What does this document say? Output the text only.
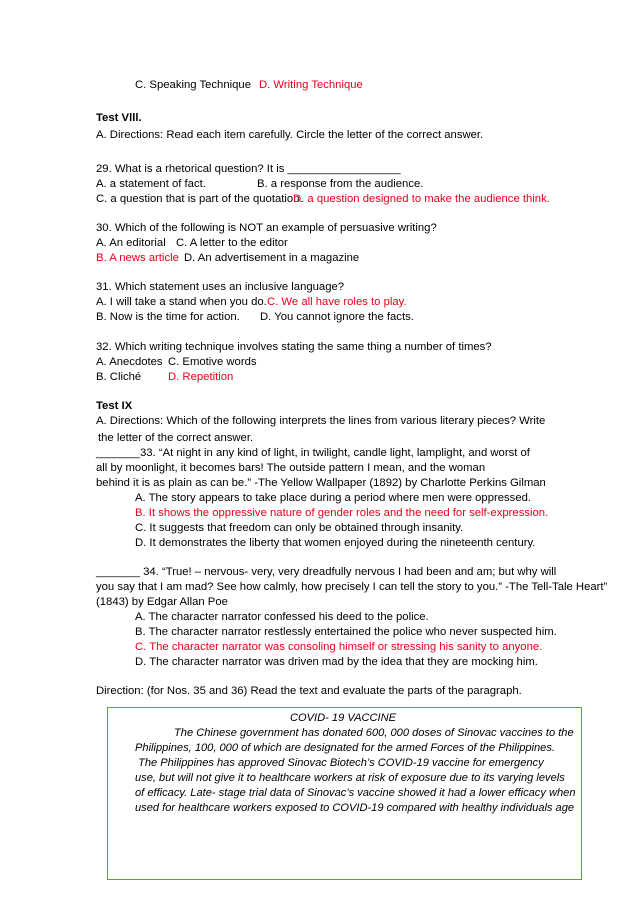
C. Speaking Technique D. Writing Technique
Test Vlll.
A. Directions: Read each item carefully. Circle the letter of the correct answer.
29. What is a rhetorical question? It is __________________
A. a statement of fact.	B. a response from the audience.
C. a question that is part of the quotation.
D. a question designed to make the audience think.
30. Which of the following is NOT an example of persuasive writing?
A. An editorial C. A letter to the editor
B. A news article D. An advertisement in a magazine
31. Which statement uses an inclusive language?
A. I will take a stand when you do. C. We all have roles to play.
B. Now is the time for action. D. You cannot ignore the facts.
32. Which writing technique involves stating the same thing a number of times?
A. Anecdotes C. Emotive words
B. Cliché D. Repetition
Test IX
A. Directions: Which of the following interprets the lines from various literary pieces? Write
the letter of the correct answer.
_______33. “At night in any kind of light, in twilight, candle light, lamplight, and worst of
all by moonlight, it becomes bars! The outside pattern I mean, and the woman
behind it is as plain as can be.” -The Yellow Wallpaper (1892) by Charlotte Perkins Gilman
A. The story appears to take place during a period where men were oppressed.
B. It shows the oppressive nature of gender roles and the need for self-expression.
C. It suggests that freedom can only be obtained through insanity.
D. It demonstrates the liberty that women enjoyed during the nineteenth century.
_______ 34. “True! – nervous- very, very dreadfully nervous I had been and am; but why will
you say that I am mad? See how calmly, how precisely I can tell the story to you.” -The Tell-Tale Heart”
(1843) by Edgar Allan Poe
A. The character narrator confessed his deed to the police.
B. The character narrator restlessly entertained the police who never suspected him.
C. The character narrator was consoling himself or stressing his sanity to anyone.
D. The character narrator was driven mad by the idea that they are mocking him.
Direction: (for Nos. 35 and 36) Read the text and evaluate the parts of the paragraph.
COVID- 19 VACCINE
The Chinese government has donated 600, 000 doses of Sinovac vaccines to the
Philippines, 100, 000 of which are designated for the armed Forces of the Philippines.
The Philippines has approved Sinovac Biotech’s COVID-19 vaccine for emergency
use, but will not give it to healthcare workers at risk of exposure due to its varying levels
of efficacy. Late- stage trial data of Sinovac’s vaccine showed it had a lower efficacy when
used for healthcare workers exposed to COVID-19 compared with healthy individuals age
